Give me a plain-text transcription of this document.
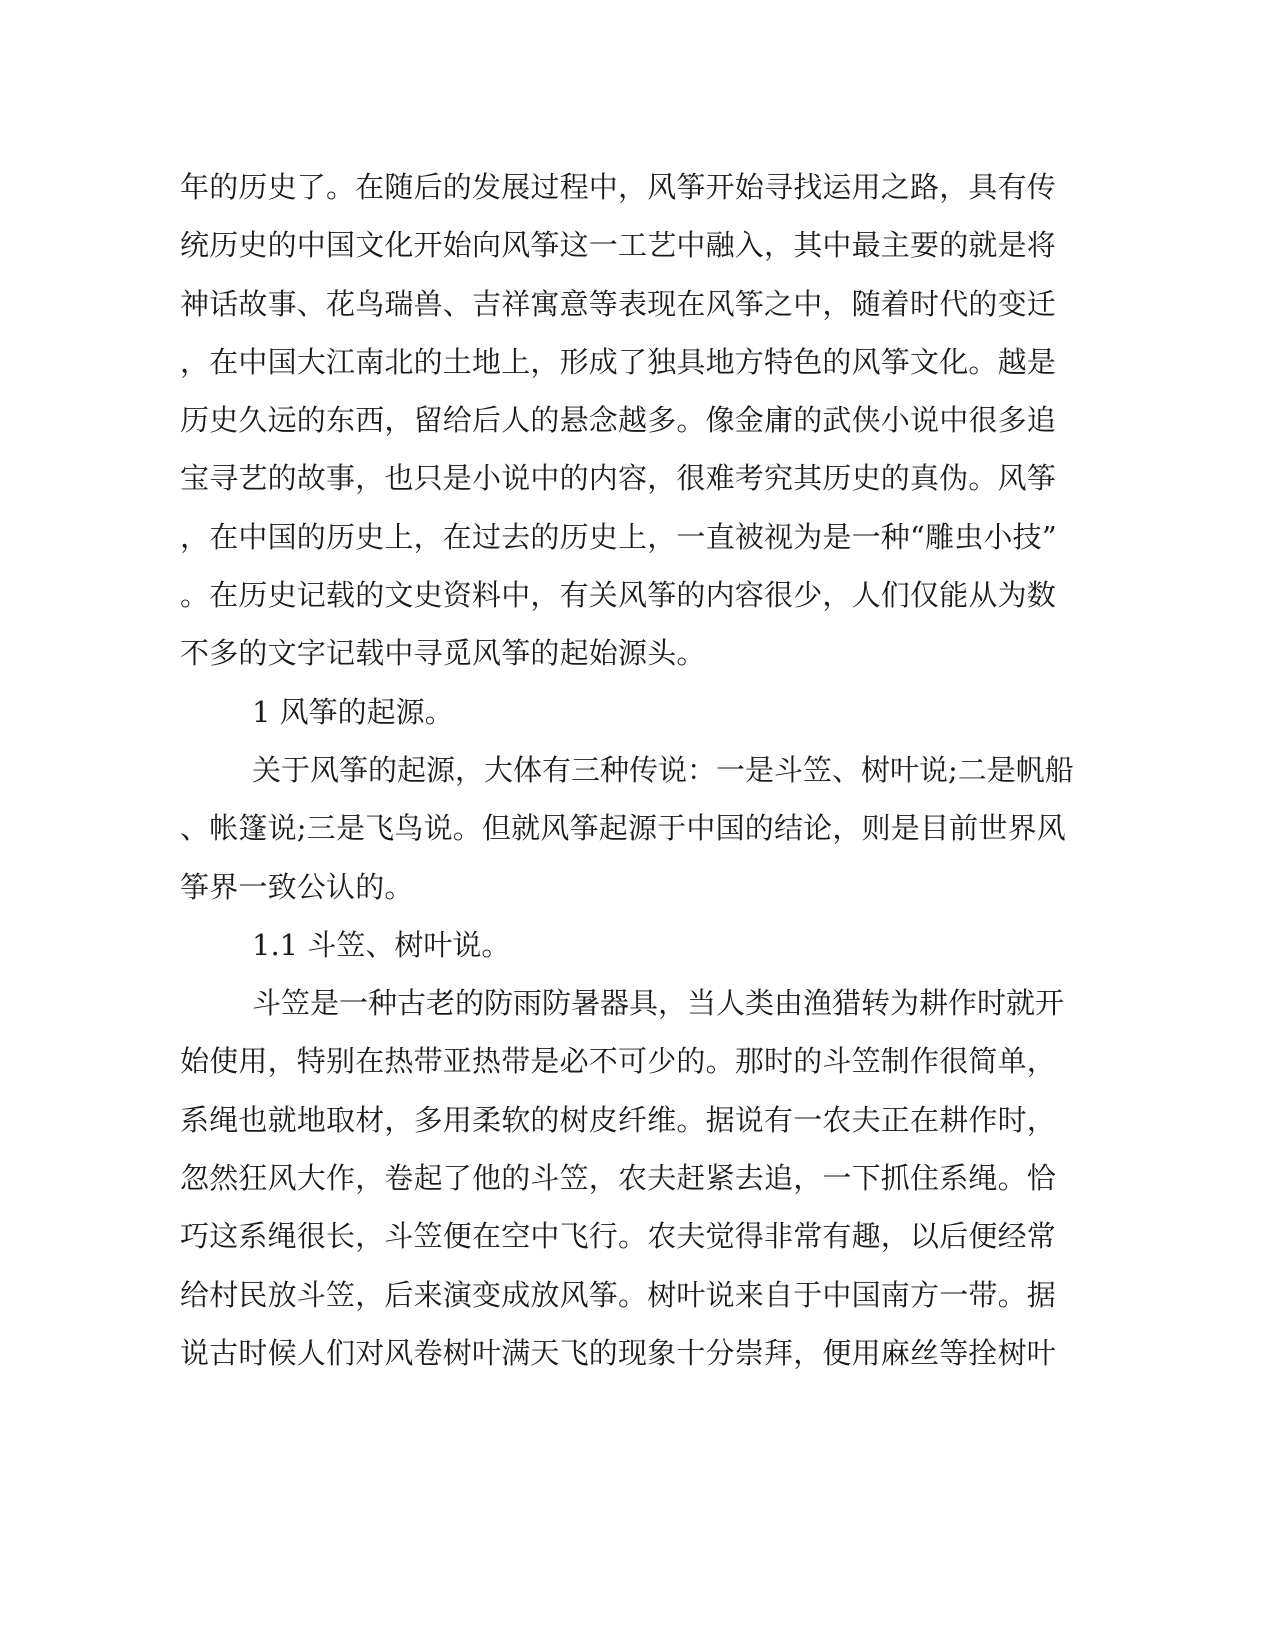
年的历史了。在随后的发展过程中，风筝开始寻找运用之路，具有传
统历史的中国文化开始向风筝这一工艺中融入，其中最主要的就是将
神话故事、花鸟瑞兽、吉祥寓意等表现在风筝之中，随着时代的变迁
，在中国大江南北的土地上，形成了独具地方特色的风筝文化。越是
历史久远的东西，留给后人的悬念越多。像金庸的武侠小说中很多追
宝寻艺的故事，也只是小说中的内容，很难考究其历史的真伪。风筝
，在中国的历史上，在过去的历史上，一直被视为是一种“雕虫小技”
。在历史记载的文史资料中，有关风筝的内容很少，人们仅能从为数
不多的文字记载中寻觅风筝的起始源头。
1 风筝的起源。
关于风筝的起源，大体有三种传说：一是斗笠、树叶说;二是帆船
、帐篷说;三是飞鸟说。但就风筝起源于中国的结论，则是目前世界风
筝界一致公认的。
1.1 斗笠、树叶说。
斗笠是一种古老的防雨防暑器具，当人类由渔猎转为耕作时就开
始使用，特别在热带亚热带是必不可少的。那时的斗笠制作很简单，
系绳也就地取材，多用柔软的树皮纤维。据说有一农夫正在耕作时，
忽然狂风大作，卷起了他的斗笠，农夫赶紧去追，一下抓住系绳。恰
巧这系绳很长，斗笠便在空中飞行。农夫觉得非常有趣，以后便经常
给村民放斗笠，后来演变成放风筝。树叶说来自于中国南方一带。据
说古时候人们对风卷树叶满天飞的现象十分崇拜，便用麻丝等拴树叶
